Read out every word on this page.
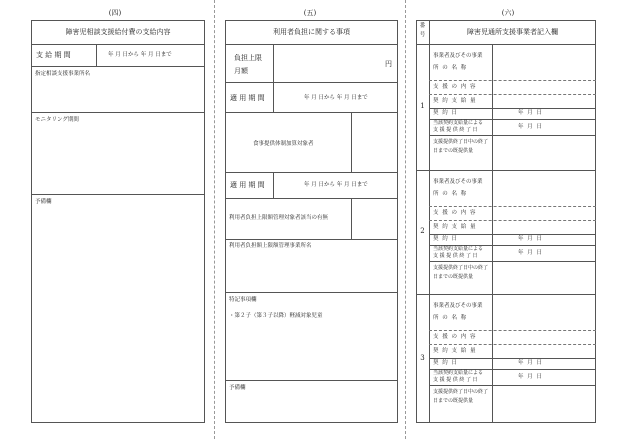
(四)
障害児相談支援給付費の支給内容
支 給 期 間	年 月 日から 年 月 日まで
指定相談支援事業所名
モニタリング期間
予備欄
(五)
利用者負担に関する事項
負担上限
月額
円
適 用 期 間	年 月 日から 年 月 日まで
食事提供体制加算対象者
適 用 期 間	年 月 日から 年 月 日まで
利用者負担上限額管理対象者該当の有無
利用者負担額上限額管理事業所名
特記事項欄
・第２子（第３子以降）軽減対象児童
予備欄
(六)
番
号	障害児通所支援事業者記入欄
1
事業者及びその事業
所 の 名 称
支 援 の 内 容
契 約 支 給 量
契 約 日	年 月 日
当該契約支給量による
支 援 提 供 終 了 日
年 月 日
支援提供終了日中の終了
日までの既提供量
2
事業者及びその事業
所 の 名 称
支 援 の 内 容
契 約 支 給 量
契 約 日	年 月 日
当該契約支給量による
支 援 提 供 終 了 日
年 月 日
支援提供終了日中の終了
日までの既提供量
3
事業者及びその事業
所 の 名 称
支 援 の 内 容
契 約 支 給 量
契 約 日	年 月 日
当該契約支給量による
支 援 提 供 終 了 日
年 月 日
支援提供終了日中の終了
日までの既提供量
